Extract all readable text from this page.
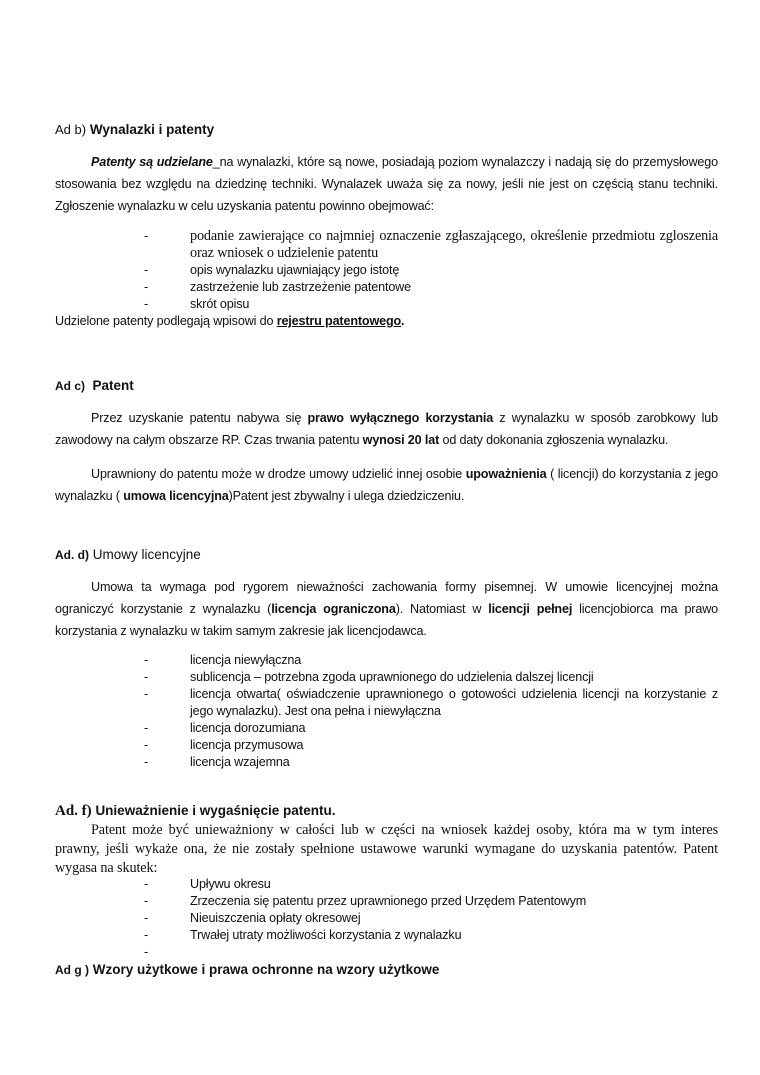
Ad b) Wynalazki i patenty
Patenty są udzielane_na wynalazki, które są nowe, posiadają poziom wynalazczy i nadają się do przemysłowego stosowania bez względu na dziedzinę techniki. Wynalazek uważa się za nowy, jeśli nie jest on częścią stanu techniki. Zgłoszenie wynalazku w celu uzyskania patentu powinno obejmować:
-	podanie zawierające co najmniej oznaczenie zgłaszającego, określenie przedmiotu zgloszenia oraz wniosek o udzielenie patentu
-	opis wynalazku ujawniający jego istotę
-	zastrzeżenie lub zastrzeżenie patentowe
-	skrót opisu
Udzielone patenty podlegają wpisowi do rejestru patentowego.
Ad c) Patent
Przez uzyskanie patentu nabywa się prawo wyłącznego korzystania z wynalazku w sposób zarobkowy lub zawodowy na całym obszarze RP. Czas trwania patentu wynosi 20 lat od daty dokonania zgłoszenia wynalazku.
Uprawniony do patentu może w drodze umowy udzielić innej osobie upoważnienia ( licencji) do korzystania z jego wynalazku ( umowa licencyjna)Patent jest zbywalny i ulega dziedziczeniu.
Ad. d) Umowy licencyjne
Umowa ta wymaga pod rygorem nieważności zachowania formy pisemnej. W umowie licencyjnej można ograniczyć korzystanie z wynalazku (licencja ograniczona). Natomiast w licencji pełnej licencjobiorca ma prawo korzystania z wynalazku w takim samym zakresie jak licencjodawca.
-	licencja niewyłączna
-	sublicencja – potrzebna zgoda uprawnionego do udzielenia dalszej licencji
-	licencja otwarta( oświadczenie uprawnionego o gotowości udzielenia licencji na korzystanie z jego wynalazku). Jest ona pełna i niewyłączna
-	licencja dorozumiana
-	licencja przymusowa
-	licencja wzajemna
Ad. f) Unieważnienie i wygaśnięcie patentu.
Patent może być unieważniony w całości lub w części na wniosek każdej osoby, która ma w tym interes prawny, jeśli wykaże ona, że nie zostały spełnione ustawowe warunki wymagane do uzyskania patentów. Patent wygasa na skutek:
-	Upływu okresu
-	Zrzeczenia się patentu przez uprawnionego przed Urzędem Patentowym
-	Nieuiszczenia opłaty okresowej
-	Trwałej utraty możliwości korzystania z wynalazku
-

Ad g ) Wzory użytkowe i prawa ochronne na wzory użytkowe
